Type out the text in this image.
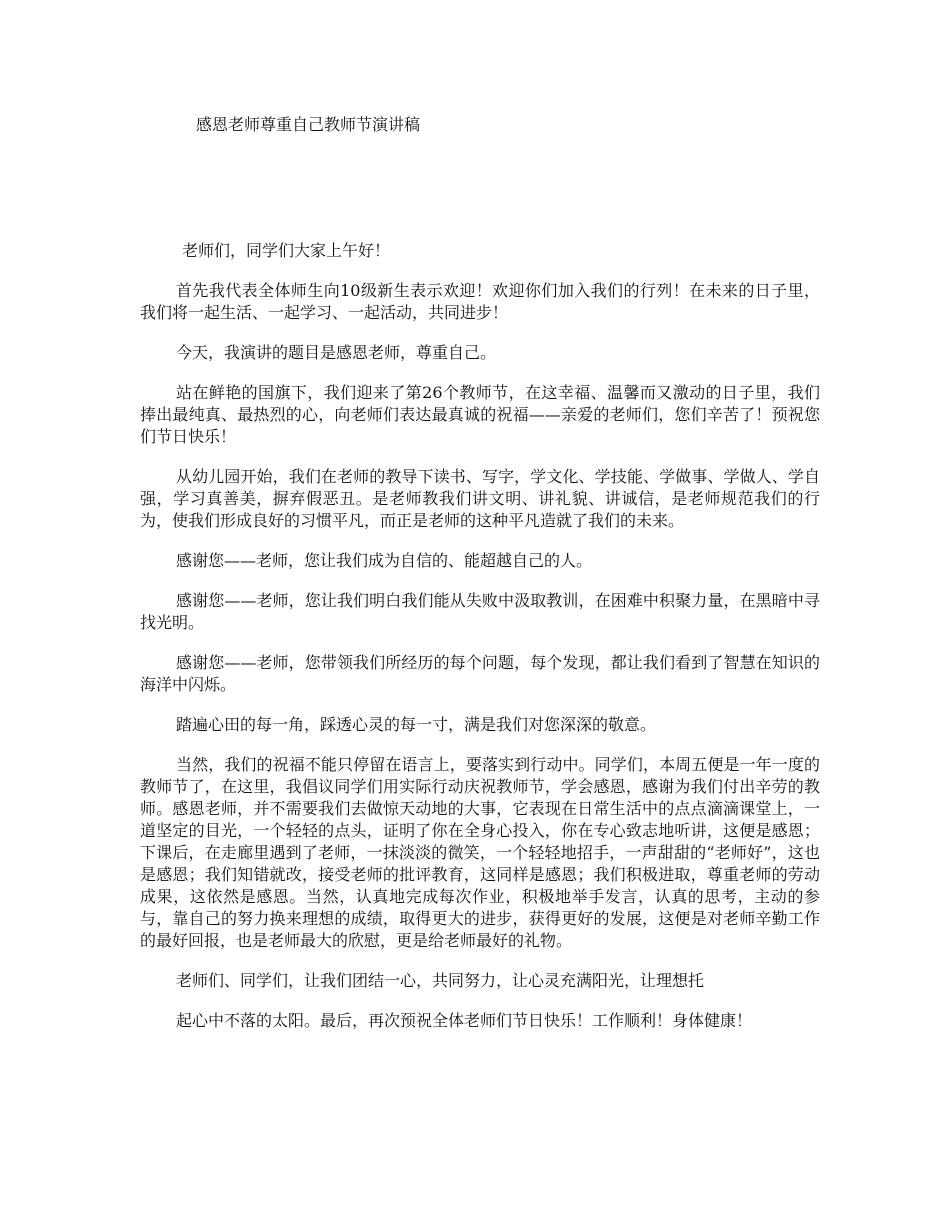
感恩老师尊重自己教师节演讲稿

老师们，同学们大家上午好！

首先我代表全体师生向10级新生表示欢迎！欢迎你们加入我们的行列！在未来的日子里，我们将一起生活、一起学习、一起活动，共同进步！

今天，我演讲的题目是感恩老师，尊重自己。

站在鲜艳的国旗下，我们迎来了第26个教师节，在这幸福、温馨而又激动的日子里，我们捧出最纯真、最热烈的心，向老师们表达最真诚的祝福——亲爱的老师们，您们辛苦了！预祝您们节日快乐！

从幼儿园开始，我们在老师的教导下读书、写字，学文化、学技能、学做事、学做人、学自强，学习真善美，摒弃假恶丑。是老师教我们讲文明、讲礼貌、讲诚信，是老师规范我们的行为，使我们形成良好的习惯平凡，而正是老师的这种平凡造就了我们的未来。

感谢您——老师，您让我们成为自信的、能超越自己的人。

感谢您——老师，您让我们明白我们能从失败中汲取教训，在困难中积聚力量，在黑暗中寻找光明。

感谢您——老师，您带领我们所经历的每个问题，每个发现，都让我们看到了智慧在知识的海洋中闪烁。

踏遍心田的每一角，踩透心灵的每一寸，满是我们对您深深的敬意。

当然，我们的祝福不能只停留在语言上，要落实到行动中。同学们，本周五便是一年一度的教师节了，在这里，我倡议同学们用实际行动庆祝教师节，学会感恩，感谢为我们付出辛劳的教师。感恩老师，并不需要我们去做惊天动地的大事，它表现在日常生活中的点点滴滴课堂上，一道坚定的目光，一个轻轻的点头，证明了你在全身心投入，你在专心致志地听讲，这便是感恩；下课后，在走廊里遇到了老师，一抹淡淡的微笑，一个轻轻地招手，一声甜甜的“老师好”，这也是感恩；我们知错就改，接受老师的批评教育，这同样是感恩；我们积极进取，尊重老师的劳动成果，这依然是感恩。当然，认真地完成每次作业，积极地举手发言，认真的思考，主动的参与，靠自己的努力换来理想的成绩，取得更大的进步，获得更好的发展，这便是对老师辛勤工作的最好回报，也是老师最大的欣慰，更是给老师最好的礼物。

老师们、同学们，让我们团结一心，共同努力，让心灵充满阳光，让理想托

起心中不落的太阳。最后，再次预祝全体老师们节日快乐！工作顺利！身体健康！
